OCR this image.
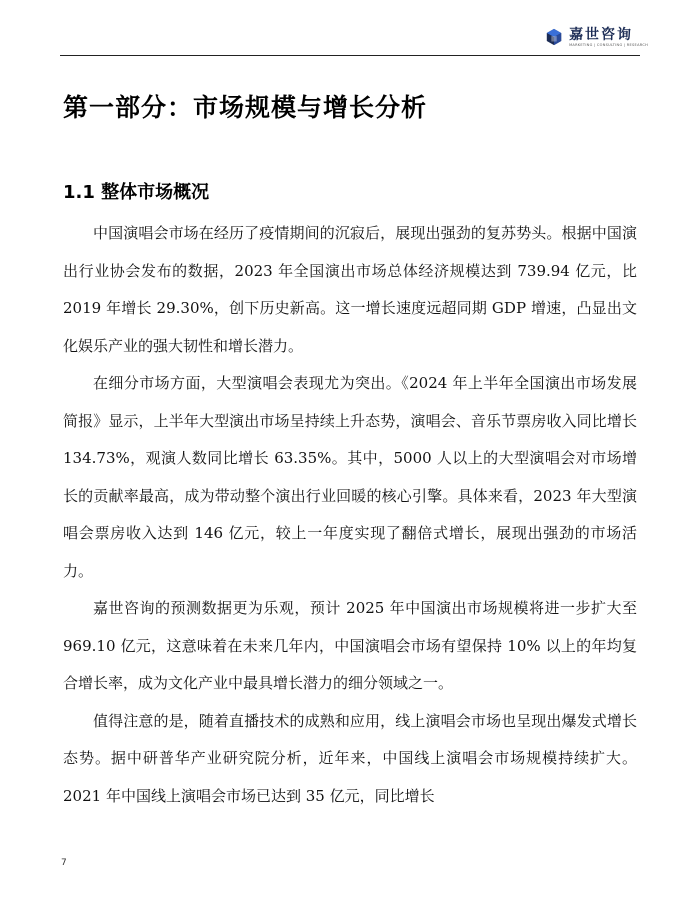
嘉世咨询
MARKETING | CONSULTING | RESEARCH
第一部分：市场规模与增长分析
1.1 整体市场概况

中国演唱会市场在经历了疫情期间的沉寂后，展现出强劲的复苏势头。根据中国演出行业协会发布的数据，2023 年全国演出市场总体经济规模达到 739.94 亿元，比 2019 年增长 29.30%，创下历史新高。这一增长速度远超同期 GDP 增速，凸显出文化娱乐产业的强大韧性和增长潜力。

在细分市场方面，大型演唱会表现尤为突出。《2024 年上半年全国演出市场发展简报》显示，上半年大型演出市场呈持续上升态势，演唱会、音乐节票房收入同比增长 134.73%，观演人数同比增长 63.35%。其中，5000 人以上的大型演唱会对市场增长的贡献率最高，成为带动整个演出行业回暖的核心引擎。具体来看，2023 年大型演唱会票房收入达到 146 亿元，较上一年度实现了翻倍式增长，展现出强劲的市场活力。

嘉世咨询的预测数据更为乐观，预计 2025 年中国演出市场规模将进一步扩大至 969.10 亿元，这意味着在未来几年内，中国演唱会市场有望保持 10% 以上的年均复合增长率，成为文化产业中最具增长潜力的细分领域之一。

值得注意的是，随着直播技术的成熟和应用，线上演唱会市场也呈现出爆发式增长态势。据中研普华产业研究院分析，近年来，中国线上演唱会市场规模持续扩大。2021 年中国线上演唱会市场已达到 35 亿元，同比增长

7
